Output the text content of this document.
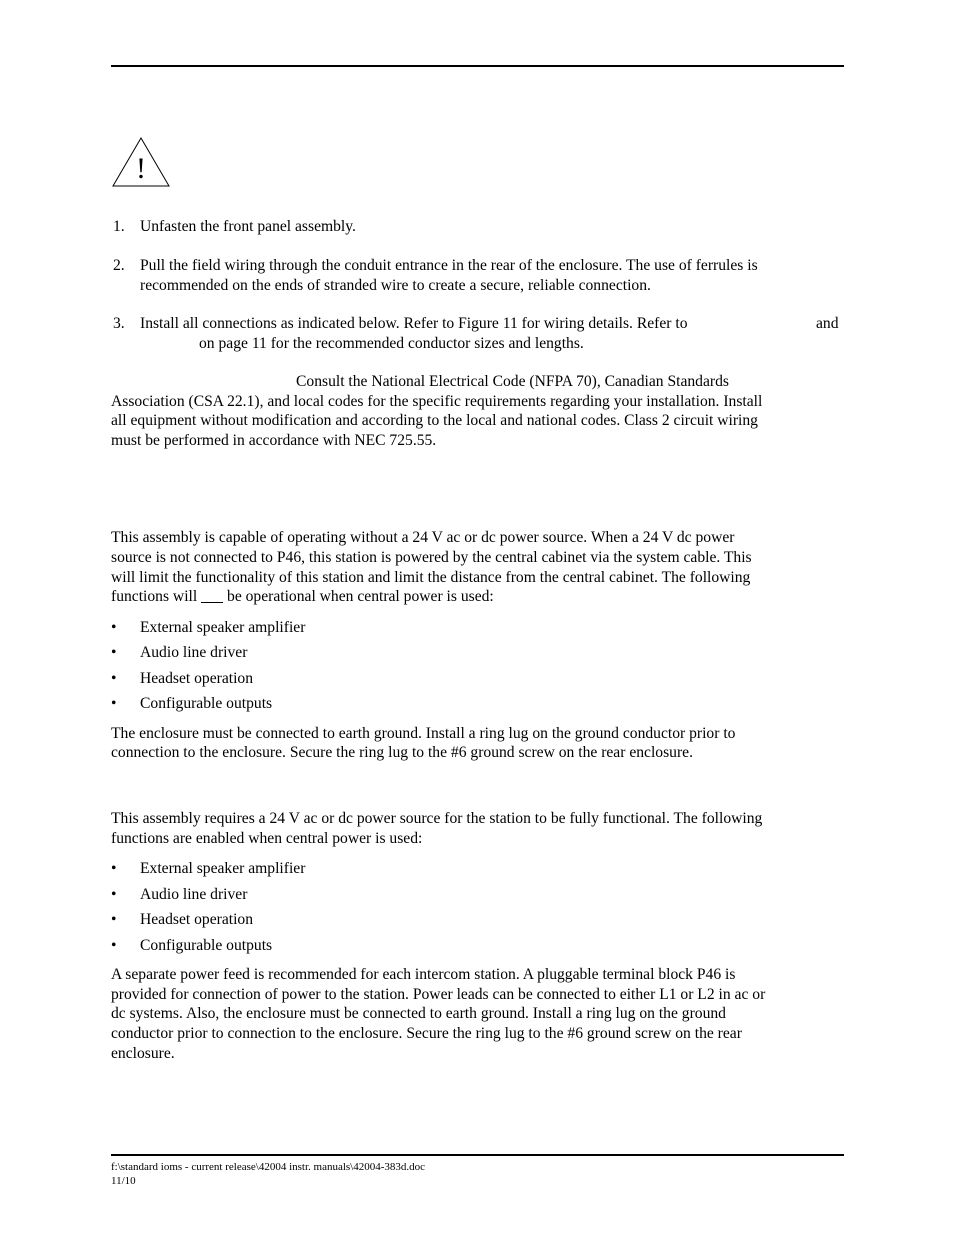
!
1. Unfasten the front panel assembly.
2. Pull the field wiring through the conduit entrance in the rear of the enclosure. The use of ferrules is
recommended on the ends of stranded wire to create a secure, reliable connection.
3. Install all connections as indicated below. Refer to Figure 11 for wiring details. Refer to	and
on page 11 for the recommended conductor sizes and lengths.

Consult the National Electrical Code (NFPA 70), Canadian Standards

Association (CSA 22.1), and local codes for the specific requirements regarding your installation. Install

all equipment without modification and according to the local and national codes. Class 2 circuit wiring

must be performed in accordance with NEC 725.55.

This assembly is capable of operating without a 24 V ac or dc power source. When a 24 V dc power

source is not connected to P46, this station is powered by the central cabinet via the system cable. This

will limit the functionality of this station and limit the distance from the central cabinet. The following

functions will be operational when central power is used:

• External speaker amplifier
• Audio line driver
• Headset operation
• Configurable outputs

The enclosure must be connected to earth ground. Install a ring lug on the ground conductor prior to

connection to the enclosure. Secure the ring lug to the #6 ground screw on the rear enclosure.

This assembly requires a 24 V ac or dc power source for the station to be fully functional. The following

functions are enabled when central power is used:

• External speaker amplifier
• Audio line driver
• Headset operation
• Configurable outputs

A separate power feed is recommended for each intercom station. A pluggable terminal block P46 is

provided for connection of power to the station. Power leads can be connected to either L1 or L2 in ac or

dc systems. Also, the enclosure must be connected to earth ground. Install a ring lug on the ground

conductor prior to connection to the enclosure. Secure the ring lug to the #6 ground screw on the rear

enclosure.

f:\standard ioms - current release\42004 instr. manuals\42004-383d.doc
11/10
